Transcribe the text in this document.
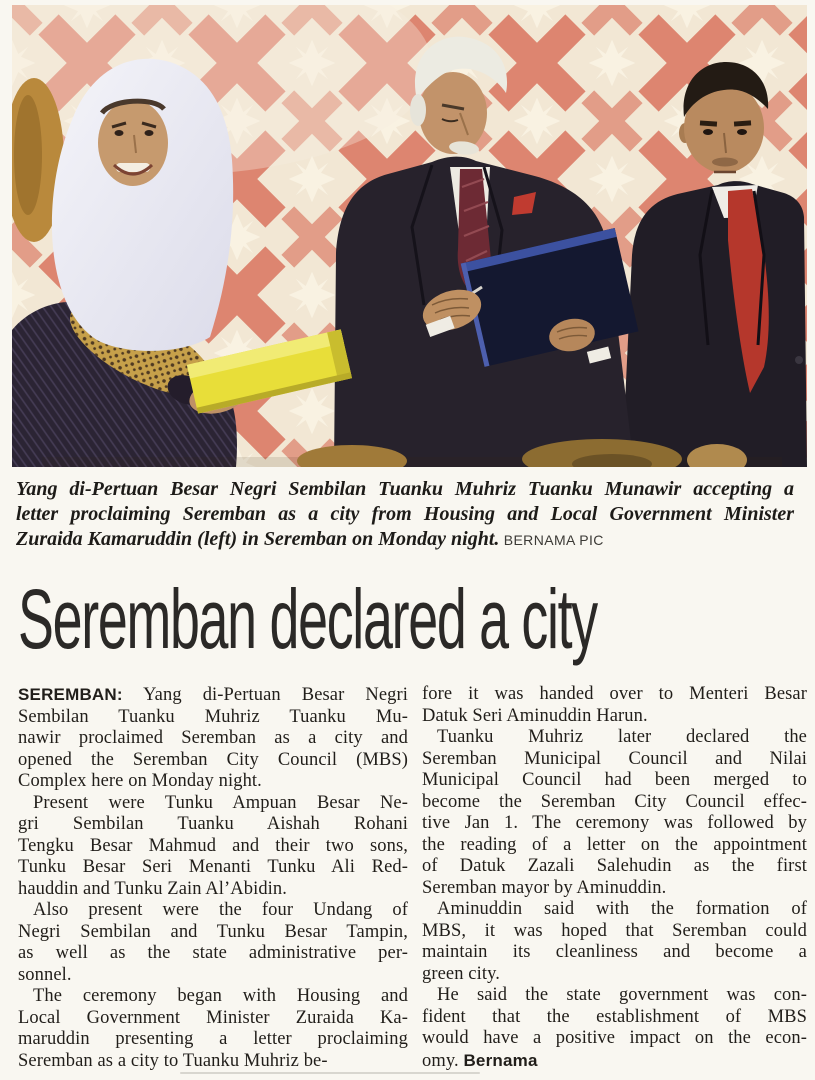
Yang di-Pertuan Besar Negri Sembilan Tuanku Muhriz Tuanku Munawir accepting a
letter proclaiming Seremban as a city from Housing and Local Government Minister
Zuraida Kamaruddin (left) in Seremban on Monday night. BERNAMA PIC
Seremban declared a city
SEREMBAN: Yang di-Pertuan Besar Negri
Sembilan Tuanku Muhriz Tuanku Mu-
nawir proclaimed Seremban as a city and
opened the Seremban City Council (MBS)
Complex here on Monday night.
Present were Tunku Ampuan Besar Ne-
gri Sembilan Tuanku Aishah Rohani
Tengku Besar Mahmud and their two sons,
Tunku Besar Seri Menanti Tunku Ali Red-
hauddin and Tunku Zain Al’Abidin.
Also present were the four Undang of
Negri Sembilan and Tunku Besar Tampin,
as well as the state administrative per-
sonnel.
The ceremony began with Housing and
Local Government Minister Zuraida Ka-
maruddin presenting a letter proclaiming
Seremban as a city to Tuanku Muhriz be-
fore it was handed over to Menteri Besar
Datuk Seri Aminuddin Harun.
Tuanku Muhriz later declared the
Seremban Municipal Council and Nilai
Municipal Council had been merged to
become the Seremban City Council effec-
tive Jan 1. The ceremony was followed by
the reading of a letter on the appointment
of Datuk Zazali Salehudin as the first
Seremban mayor by Aminuddin.
Aminuddin said with the formation of
MBS, it was hoped that Seremban could
maintain its cleanliness and become a
green city.
He said the state government was con-
fident that the establishment of MBS
would have a positive impact on the econ-
omy. Bernama
